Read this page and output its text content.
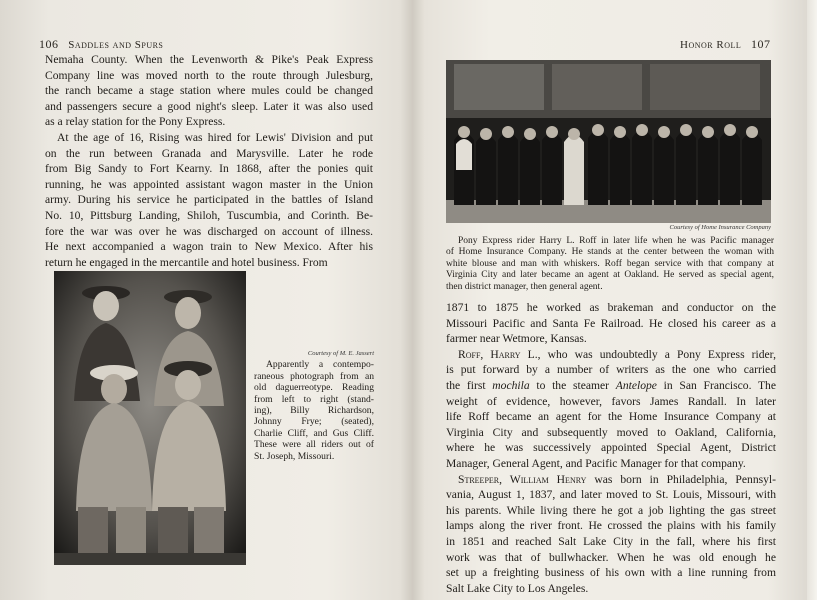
106 Saddles and Spurs
Nemaha County. When the Levenworth & Pike's Peak Express
Company line was moved north to the route through Julesburg,
the ranch became a stage station where mules could be changed
and passengers secure a good night's sleep. Later it was also used
as a relay station for the Pony Express.
At the age of 16, Rising was hired for Lewis' Division and put
on the run between Granada and Marysville. Later he rode
from Big Sandy to Fort Kearny. In 1868, after the ponies quit
running, he was appointed assistant wagon master in the Union
army. During his service he participated in the battles of Island
No. 10, Pittsburg Landing, Shiloh, Tuscumbia, and Corinth. Be-
fore the war was over he was discharged on account of illness.
He next accompanied a wagon train to New Mexico. After his
return he engaged in the mercantile and hotel business. From
Courtesy of M. E. Jassert
Apparently a contempo-
raneous photograph from an
old daguerreotype. Reading
from left to right (stand-
ing), Billy Richardson,
Johnny Frye; (seated),
Charlie Cliff, and Gus Cliff.
These were all riders out of
St. Joseph, Missouri.
Honor Roll 107
Courtesy of Home Insurance Company
Pony Express rider Harry L. Roff in later life when he was Pacific manager
of Home Insurance Company. He stands at the center between the woman with
white blouse and man with whiskers. Roff began service with that company at
Virginia City and later became an agent at Oakland. He served as special agent,
then district manager, then general agent.
1871 to 1875 he worked as brakeman and conductor on the
Missouri Pacific and Santa Fe Railroad. He closed his career as a
farmer near Wetmore, Kansas.
Roff, Harry L., who was undoubtedly a Pony Express rider,
is put forward by a number of writers as the one who carried
the first mochila to the steamer Antelope in San Francisco. The
weight of evidence, however, favors James Randall. In later
life Roff became an agent for the Home Insurance Company at
Virginia City and subsequently moved to Oakland, California,
where he was successively appointed Special Agent, District
Manager, General Agent, and Pacific Manager for that company.
Streeper, William Henry was born in Philadelphia, Pennsyl-
vania, August 1, 1837, and later moved to St. Louis, Missouri, with
his parents. While living there he got a job lighting the gas street
lamps along the river front. He crossed the plains with his family
in 1851 and reached Salt Lake City in the fall, where his first
work was that of bullwhacker. When he was old enough he
set up a freighting business of his own with a line running from
Salt Lake City to Los Angeles.
